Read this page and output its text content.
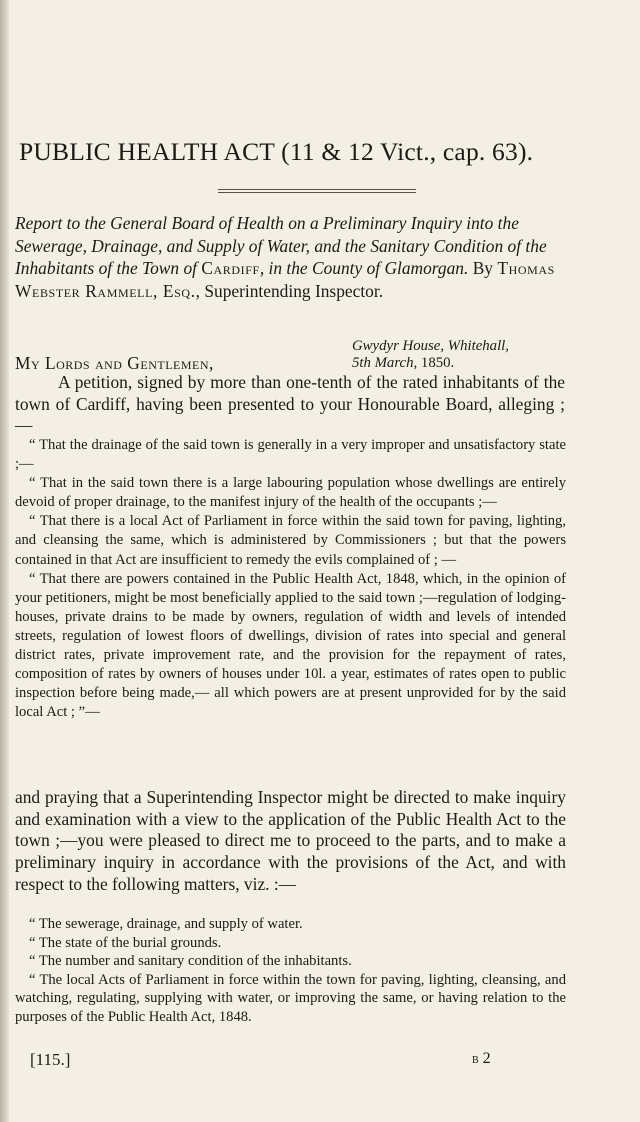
PUBLIC HEALTH ACT (11 & 12 Vict., cap. 63).
Report to the General Board of Health on a Preliminary Inquiry into the Sewerage, Drainage, and Supply of Water, and the Sanitary Condition of the Inhabitants of the Town of Cardiff, in the County of Glamorgan. By Thomas Webster Rammell, Esq., Superintending Inspector.
Gwydyr House, Whitehall,
5th March, 1850.
My Lords and Gentlemen,

A petition, signed by more than one-tenth of the rated inhabitants of the town of Cardiff, having been presented to your Honourable Board, alleging ;—

“ That the drainage of the said town is generally in a very improper and unsatisfactory state ;—

“ That in the said town there is a large labouring population whose dwellings are entirely devoid of proper drainage, to the manifest injury of the health of the occupants ;—

“ That there is a local Act of Parliament in force within the said town for paving, lighting, and cleansing the same, which is administered by Commissioners ; but that the powers contained in that Act are insufficient to remedy the evils complained of ; —

“ That there are powers contained in the Public Health Act, 1848, which, in the opinion of your petitioners, might be most beneficially applied to the said town ;—regulation of lodging-houses, private drains to be made by owners, regulation of width and levels of intended streets, regulation of lowest floors of dwellings, division of rates into special and general district rates, private improvement rate, and the provision for the repayment of rates, composition of rates by owners of houses under 10l. a year, estimates of rates open to public inspection before being made,— all which powers are at present unprovided for by the said local Act ; ”—

and praying that a Superintending Inspector might be directed to make inquiry and examination with a view to the application of the Public Health Act to the town ;—you were pleased to direct me to proceed to the parts, and to make a preliminary inquiry in accordance with the provisions of the Act, and with respect to the following matters, viz. :—

“ The sewerage, drainage, and supply of water.

“ The state of the burial grounds.

“ The number and sanitary condition of the inhabitants.

“ The local Acts of Parliament in force within the town for paving, lighting, cleansing, and watching, regulating, supplying with water, or improving the same, or having relation to the purposes of the Public Health Act, 1848.

[115.]	b 2
